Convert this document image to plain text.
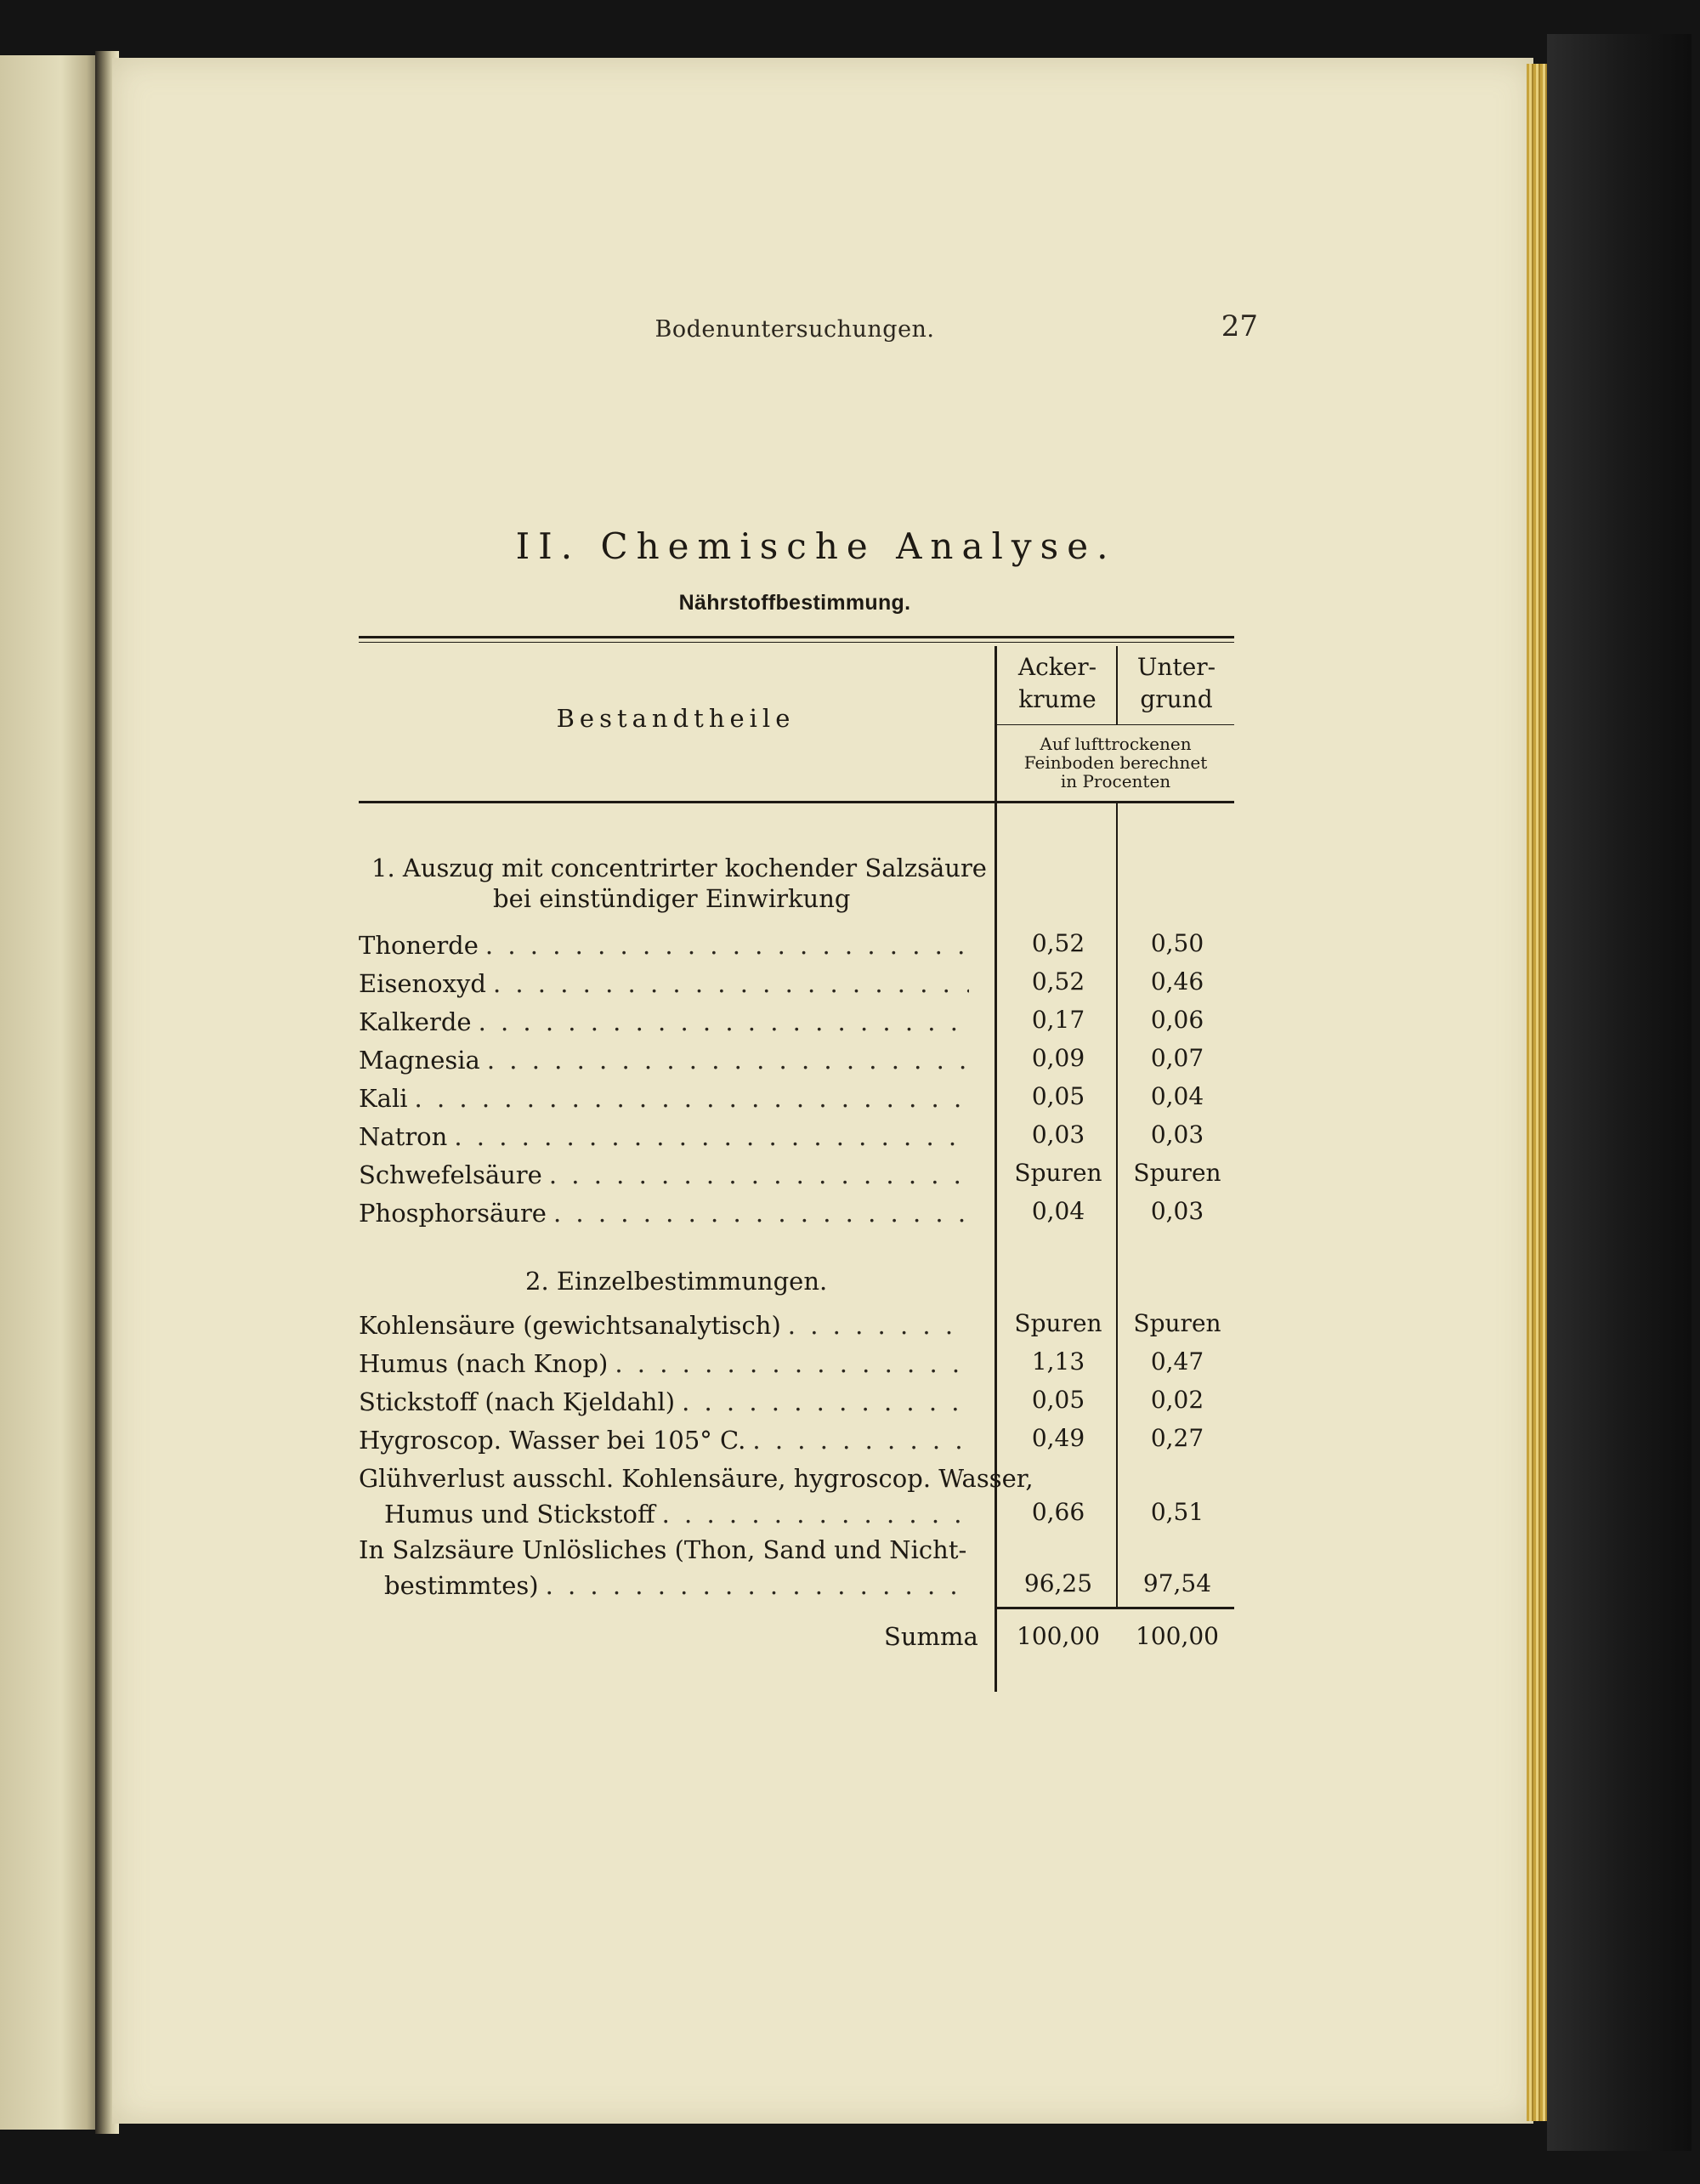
Bodenuntersuchungen.	27
II. Chemische Analyse.
Nährstoffbestimmung.
Bestandtheile
Acker-
krume
Unter-
grund
Auf lufttrockenen
Feinboden berechnet
in Procenten
1. Auszug mit concentrirter kochender Salzsäure
bei einstündiger Einwirkung
Thonerde . . .	0,52	0,50
Eisenoxyd . . .	0,52	0,46
Kalkerde . . .	0,17	0,06
Magnesia . . .	0,09	0,07
Kali . . .	0,05	0,04
Natron . . .	0,03	0,03
Schwefelsäure . . .	Spuren	Spuren
Phosphorsäure . . .	0,04	0,03
2. Einzelbestimmungen.
Kohlensäure (gewichtsanalytisch) . . .	Spuren	Spuren
Humus (nach Knop) . . .	1,13	0,47
Stickstoff (nach Kjeldahl) . . .	0,05	0,02
Hygroscop. Wasser bei 105° C. . . .	0,49	0,27
Glühverlust ausschl. Kohlensäure, hygroscop. Wasser,
Humus und Stickstoff . . .	0,66	0,51
In Salzsäure Unlösliches (Thon, Sand und Nicht-
bestimmtes) . . .	96,25	97,54
Summa	100,00	100,00
